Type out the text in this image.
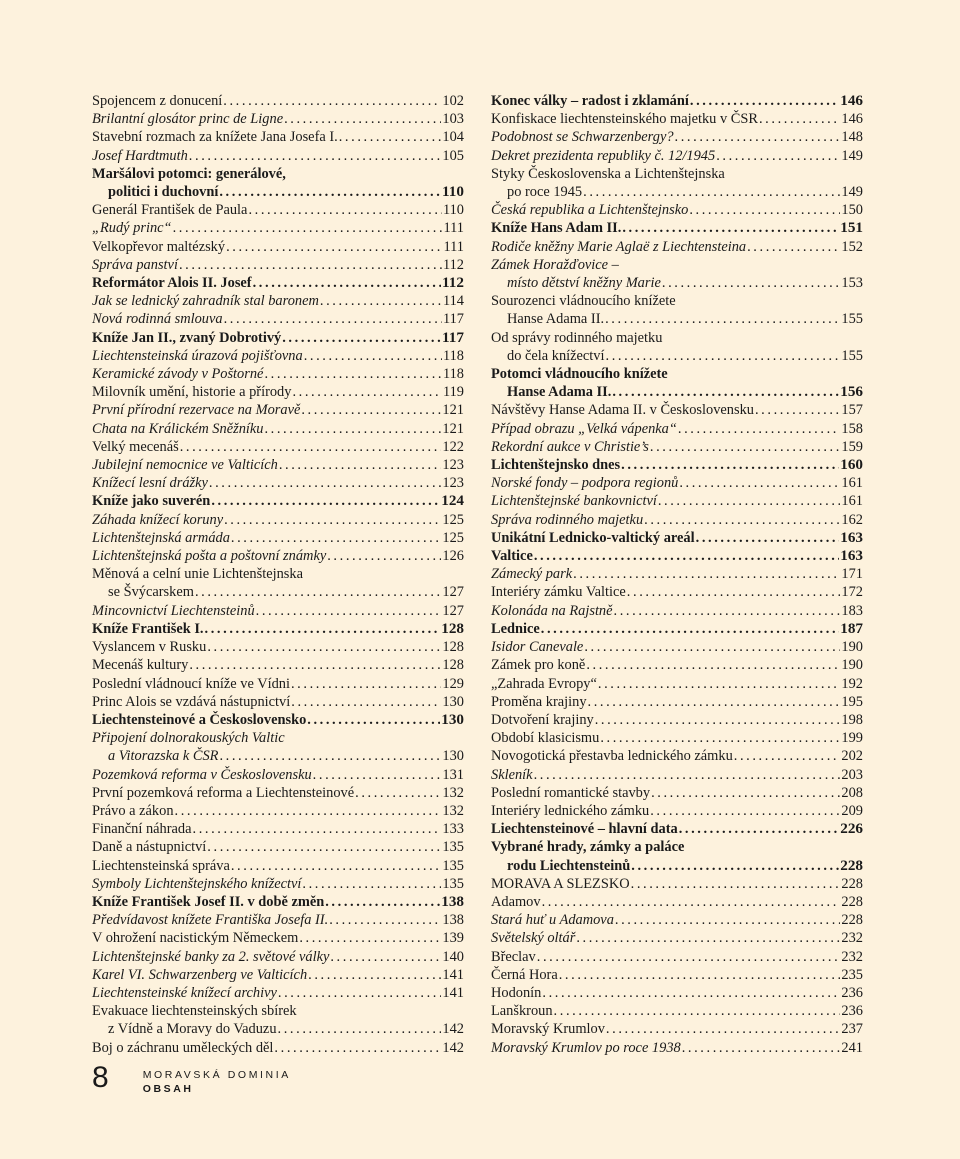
Spojencem z donucení . . .	102
Brilantní glosátor princ de Ligne . . .	103
Stavební rozmach za knížete Jana Josefa I. . . .	104
Josef Hardtmuth . . .	105
Maršálovi potomci: generálové,
politici i duchovní . . .	110
Generál František de Paula . . .	110
„Rudý princ“ . . .	111
Velkopřevor maltézský . . .	111
Správa panství . . .	112
Reformátor Alois II. Josef . . .	112
Jak se lednický zahradník stal baronem . . .	114
Nová rodinná smlouva . . .	117
Kníže Jan II., zvaný Dobrotivý . . .	117
Liechtensteinská úrazová pojišťovna . . .	118
Keramické závody v Poštorné . . .	118
Milovník umění, historie a přírody . . .	119
První přírodní rezervace na Moravě . . .	121
Chata na Králickém Sněžníku . . .	121
Velký mecenáš . . .	122
Jubilejní nemocnice ve Valticích . . .	123
Knížecí lesní drážky . . .	123
Kníže jako suverén . . .	124
Záhada knížecí koruny . . .	125
Lichtenštejnská armáda . . .	125
Lichtenštejnská pošta a poštovní známky . . .	126
Měnová a celní unie Lichtenštejnska
se Švýcarskem . . .	127
Mincovnictví Liechtensteinů . . .	127
Kníže František I. . . .	128
Vyslancem v Rusku . . .	128
Mecenáš kultury . . .	128
Poslední vládnoucí kníže ve Vídni . . .	129
Princ Alois se vzdává nástupnictví . . .	130
Liechtensteinové a Československo . . .	130
Připojení dolnorakouských Valtic
a Vitorazska k ČSR . . .	130
Pozemková reforma v Československu . . .	131
První pozemková reforma a Liechtensteinové . . .	132
Právo a zákon . . .	132
Finanční náhrada . . .	133
Daně a nástupnictví . . .	135
Liechtensteinská správa . . .	135
Symboly Lichtenštejnského knížectví . . .	135
Kníže František Josef II. v době změn . . .	138
Předvídavost knížete Františka Josefa II. . . .	138
V ohrožení nacistickým Německem . . .	139
Lichtenštejnské banky za 2. světové války . . .	140
Karel VI. Schwarzenberg ve Valticích . . .	141
Liechtensteinské knížecí archivy . . .	141
Evakuace liechtensteinských sbírek
z Vídně a Moravy do Vaduzu . . .	142
Boj o záchranu uměleckých děl . . .	142
Konec války – radost i zklamání . . .	146
Konfiskace liechtensteinského majetku v ČSR . . .	146
Podobnost se Schwarzenbergy? . . .	148
Dekret prezidenta republiky č. 12/1945 . . .	149
Styky Československa a Lichtenštejnska
po roce 1945 . . .	149
Česká republika a Lichtenštejnsko . . .	150
Kníže Hans Adam II. . . .	151
Rodiče kněžny Marie Aglaë z Liechtensteina . . .	152
Zámek Horažďovice –
místo dětství kněžny Marie . . .	153
Sourozenci vládnoucího knížete
Hanse Adama II. . . .	155
Od správy rodinného majetku
do čela knížectví . . .	155
Potomci vládnoucího knížete
Hanse Adama II. . . .	156
Návštěvy Hanse Adama II. v Československu . . .	157
Případ obrazu „Velká vápenka“ . . .	158
Rekordní aukce v Christie’s . . .	159
Lichtenštejnsko dnes . . .	160
Norské fondy – podpora regionů . . .	161
Lichtenštejnské bankovnictví . . .	161
Správa rodinného majetku . . .	162
Unikátní Lednicko-valtický areál . . .	163
Valtice . . .	163
Zámecký park . . .	171
Interiéry zámku Valtice . . .	172
Kolonáda na Rajstně . . .	183
Lednice . . .	187
Isidor Canevale . . .	190
Zámek pro koně . . .	190
„Zahrada Evropy“ . . .	192
Proměna krajiny . . .	195
Dotvoření krajiny . . .	198
Období klasicismu . . .	199
Novogotická přestavba lednického zámku . . .	202
Skleník . . .	203
Poslední romantické stavby . . .	208
Interiéry lednického zámku . . .	209
Liechtensteinové – hlavní data . . .	226
Vybrané hrady, zámky a paláce
rodu Liechtensteinů . . .	228
MORAVA A SLEZSKO . . .	228
Adamov . . .	228
Stará huť u Adamova . . .	228
Světelský oltář . . .	232
Břeclav . . .	232
Černá Hora . . .	235
Hodonín . . .	236
Lanškroun . . .	236
Moravský Krumlov . . .	237
Moravský Krumlov po roce 1938 . . .	241
8	MORAVSKÁ DOMINIA
OBSAH
